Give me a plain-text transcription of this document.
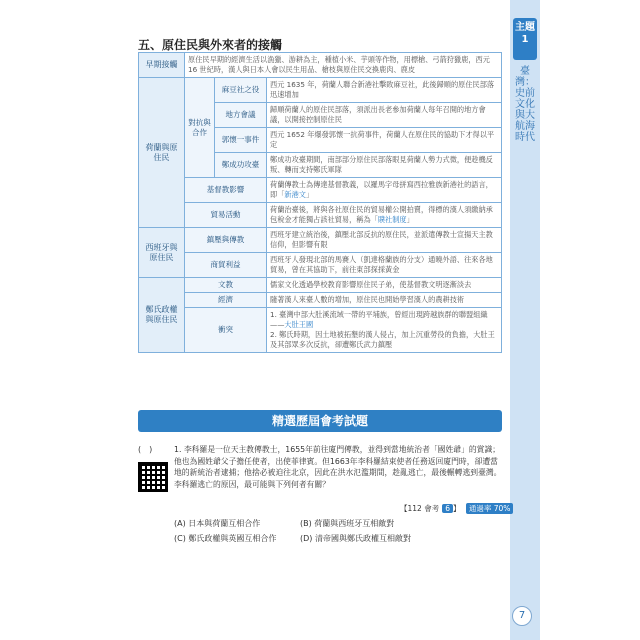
五、原住民與外來者的接觸
主題 1
臺灣：史前文化與大航海時代
早期接觸	原住民早期的經濟生活以漁獵、游耕為主，種植小米、芋頭等作物，用標槍、弓箭狩獵鹿，西元 16 世紀時，漢人與日本人會以民生用品、槍枝與原住民交換鹿肉、鹿皮		
荷蘭與原住民	對抗與合作	麻豆社之役	西元 1635 年，荷蘭人聯合新港社擊敗麻豆社，此後歸順的原住民部落迅速增加
		地方會議	歸順荷蘭人的原住民部落，須派出長老參加荷蘭人每年召開的地方會議，以開接控制原住民
		郭懷一事件	西元 1652 年爆發郭懷一抗荷事件，荷蘭人在原住民的協助下才得以平定
		鄭成功攻臺	鄭成功攻臺期間，南部部分原住民部落眼見荷蘭人勢力式微，便趁機反叛、轉而支持鄭氏軍隊
	基督教影響		荷蘭傳教士為傳達基督教義，以羅馬字母拼寫西拉雅族新港社的語言，即「新港文」
	貿易活動		荷蘭治臺後，將與各社原住民的貿易權公開拍賣，得標的漢人須繳納承包稅金才能獨占該社貿易，稱為「贌社制度」
西班牙與原住民	鎮壓與傳教		西班牙建立統治後，鎮壓北部反抗的原住民，並派遣傳教士宣揚天主教信仰，但影響有限
	商貿利益		西班牙人發現北部的馬賽人（凱達格蘭族的分支）通曉外語、往來各地貿易，曾在其協助下，前往東部探採黃金
鄭氏政權與原住民	文教		儒家文化透過學校教育影響原住民子弟，使基督教文明逐漸淡去
	經濟		隨著漢人來臺人數的增加，原住民也開始學習漢人的農耕技術
	衝突		1. 臺灣中部大肚溪流域一帶的平埔族，曾經出現跨越族群的聯盟組織——大肚王國
2. 鄭氏時期，因土地被拓墾的漢人侵占，加上沉重勞役的負擔，大肚王及其部眾多次反抗，卻遭鄭氏武力鎮壓
精選歷屆會考試題
(　)	1. 李科羅是一位天主教傳教士，1655年前往廈門傳教，並得到當地統治者「國姓爺」的賞識；他也為國姓爺父子擔任使者，出使菲律賓。但1663年李科羅結束使者任務返回廈門時，卻遭當地的新統治者逮捕；他捨必被迫往北京，因此在洪水氾濫期間，趁亂逃亡，最後輾轉逃到臺灣。李科羅逃亡的原因，最可能與下列何者有關？
【112 會考 6 】 通過率 70%
(A) 日本與荷蘭互相合作	(B) 荷蘭與西班牙互相敵對
(C) 鄭氏政權與英國互相合作	(D) 清帝國與鄭氏政權互相敵對
7
